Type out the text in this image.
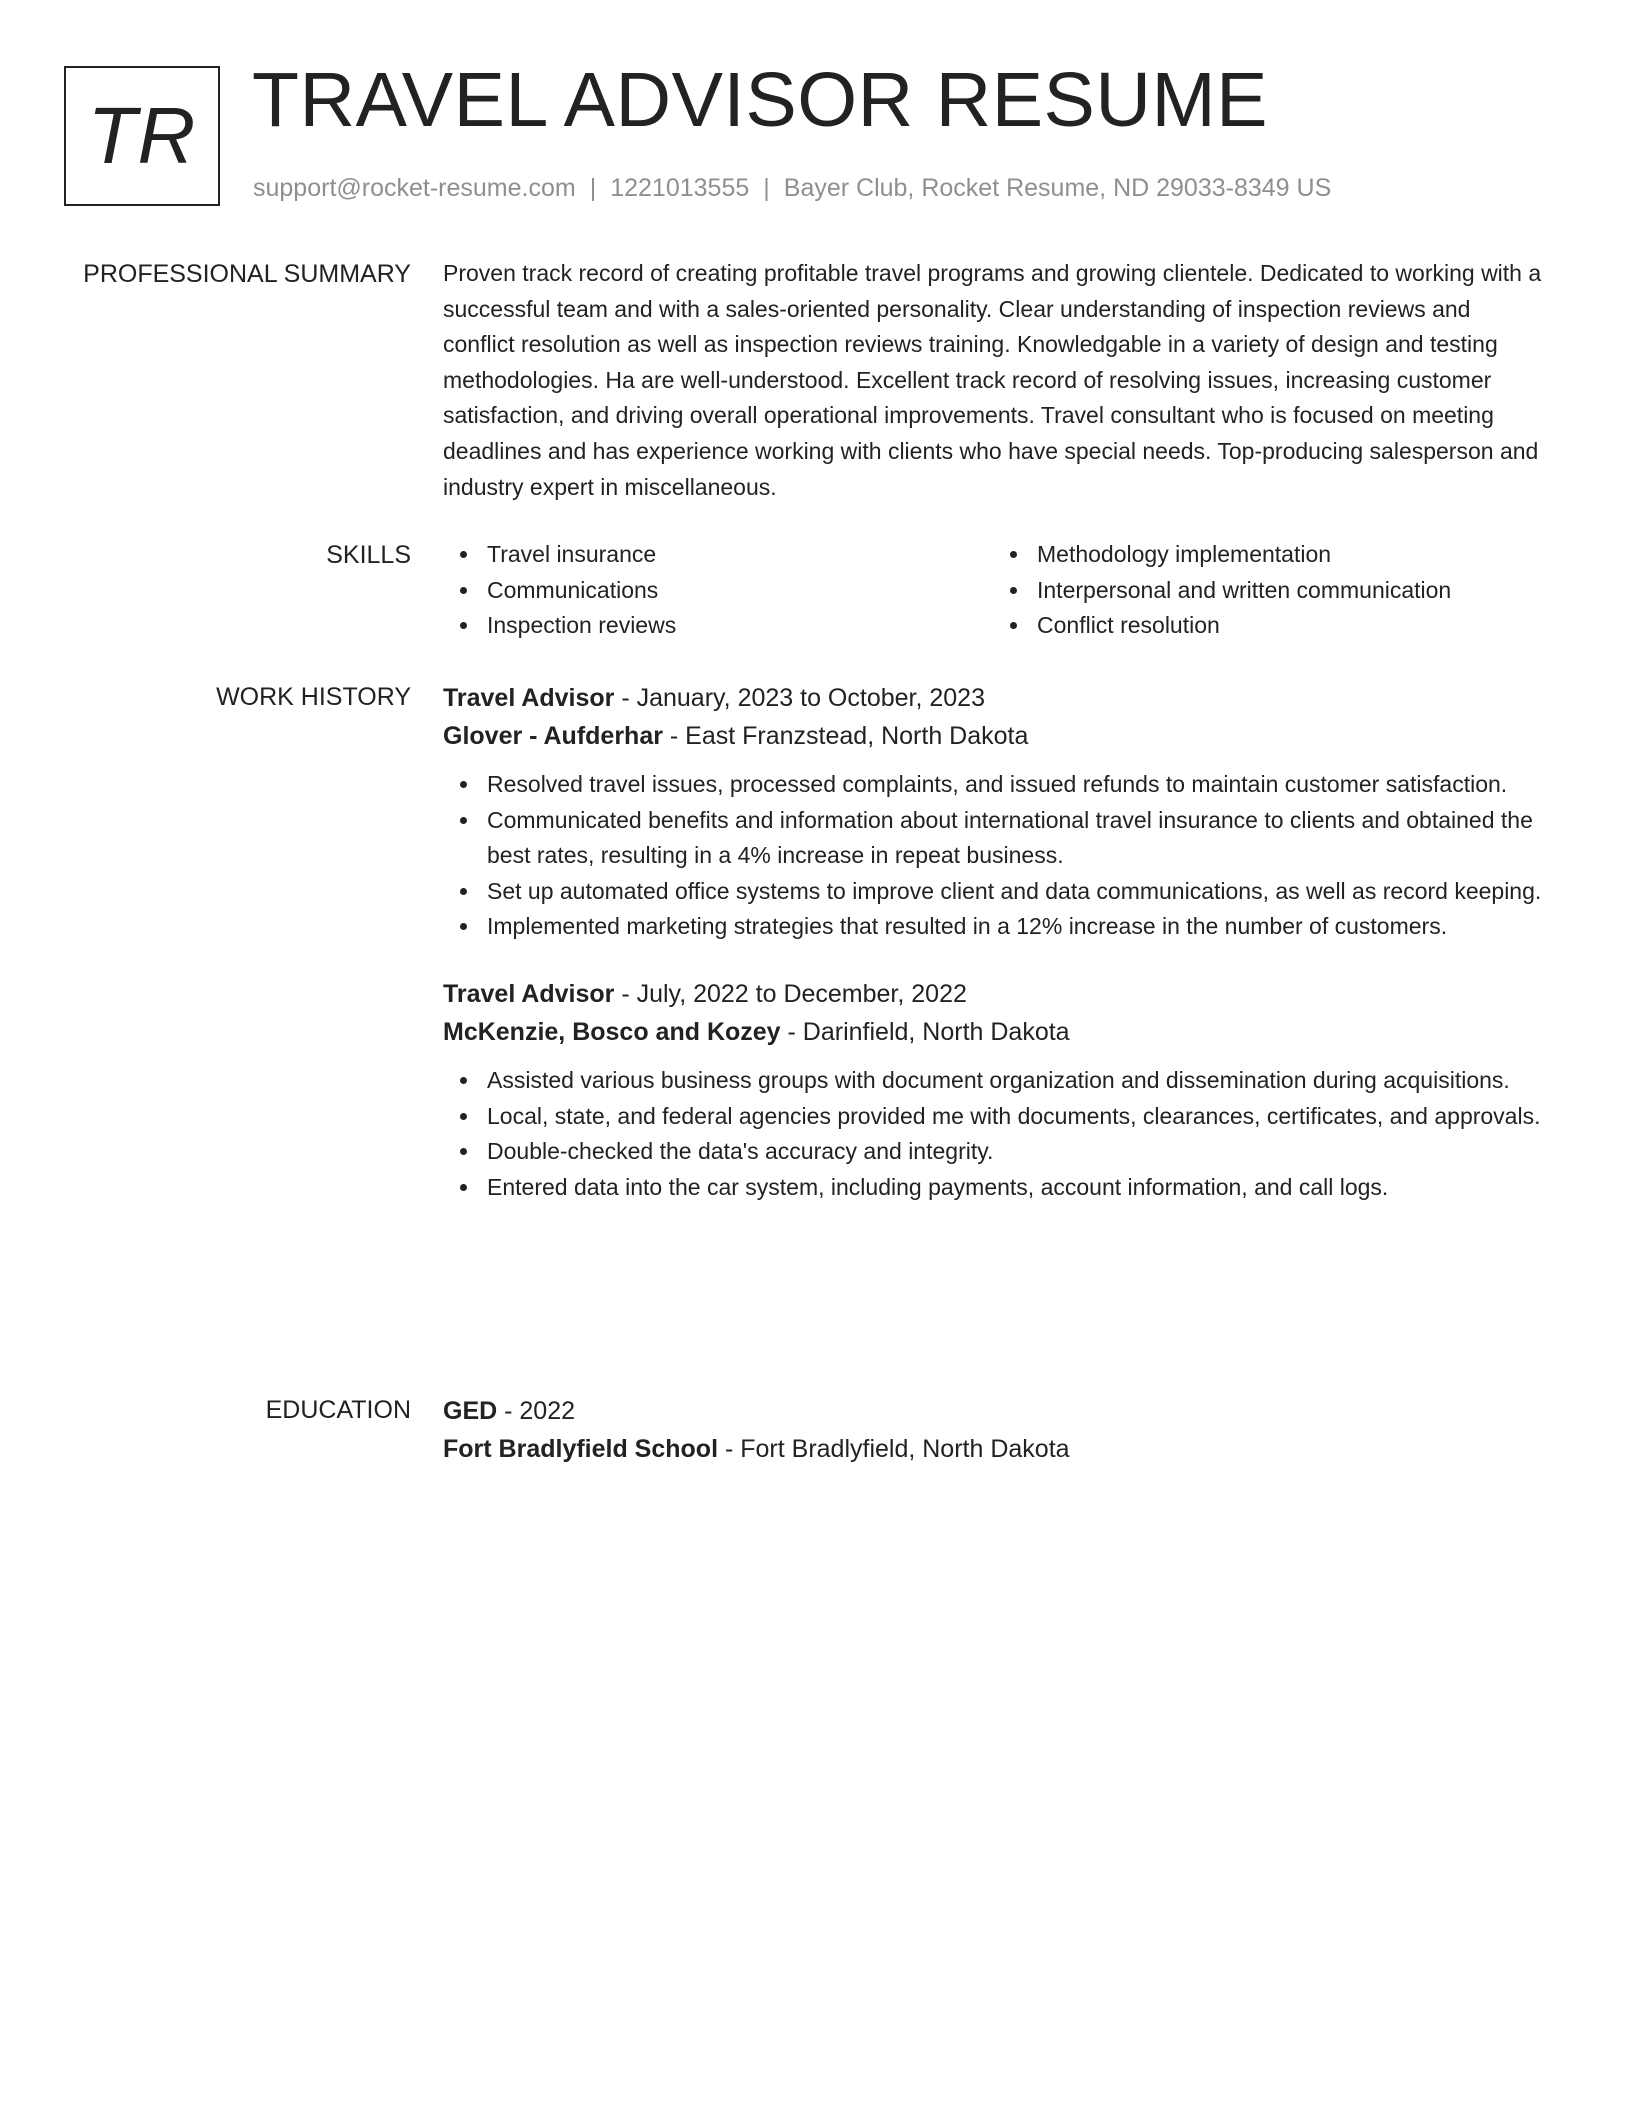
TR TRAVEL ADVISOR RESUME
support@rocket-resume.com | 1221013555 | Bayer Club, Rocket Resume, ND 29033-8349 US
PROFESSIONAL SUMMARY Proven track record of creating profitable travel programs and growing clientele. Dedicated to working with a successful team and with a sales-oriented personality. Clear understanding of inspection reviews and conflict resolution as well as inspection reviews training. Knowledgable in a variety of design and testing methodologies. Ha are well-understood. Excellent track record of resolving issues, increasing customer satisfaction, and driving overall operational improvements. Travel consultant who is focused on meeting deadlines and has experience working with clients who have special needs. Top-producing salesperson and industry expert in miscellaneous.

SKILLS	Travel insurance
Communications
Inspection reviews
Methodology implementation
Interpersonal and written communication
Conflict resolution
WORK HISTORY Travel Advisor - January, 2023 to October, 2023
Glover - Aufderhar - East Franzstead, North Dakota
Resolved travel issues, processed complaints, and issued refunds to maintain customer satisfaction.
Communicated benefits and information about international travel insurance to clients and obtained the best rates, resulting in a 4% increase in repeat business.
Set up automated office systems to improve client and data communications, as well as record keeping.
Implemented marketing strategies that resulted in a 12% increase in the number of customers.
Travel Advisor - July, 2022 to December, 2022
McKenzie, Bosco and Kozey - Darinfield, North Dakota
Assisted various business groups with document organization and dissemination during acquisitions.
Local, state, and federal agencies provided me with documents, clearances, certificates, and approvals.
Double-checked the data's accuracy and integrity.
Entered data into the car system, including payments, account information, and call logs.
EDUCATION GED - 2022
Fort Bradlyfield School - Fort Bradlyfield, North Dakota
